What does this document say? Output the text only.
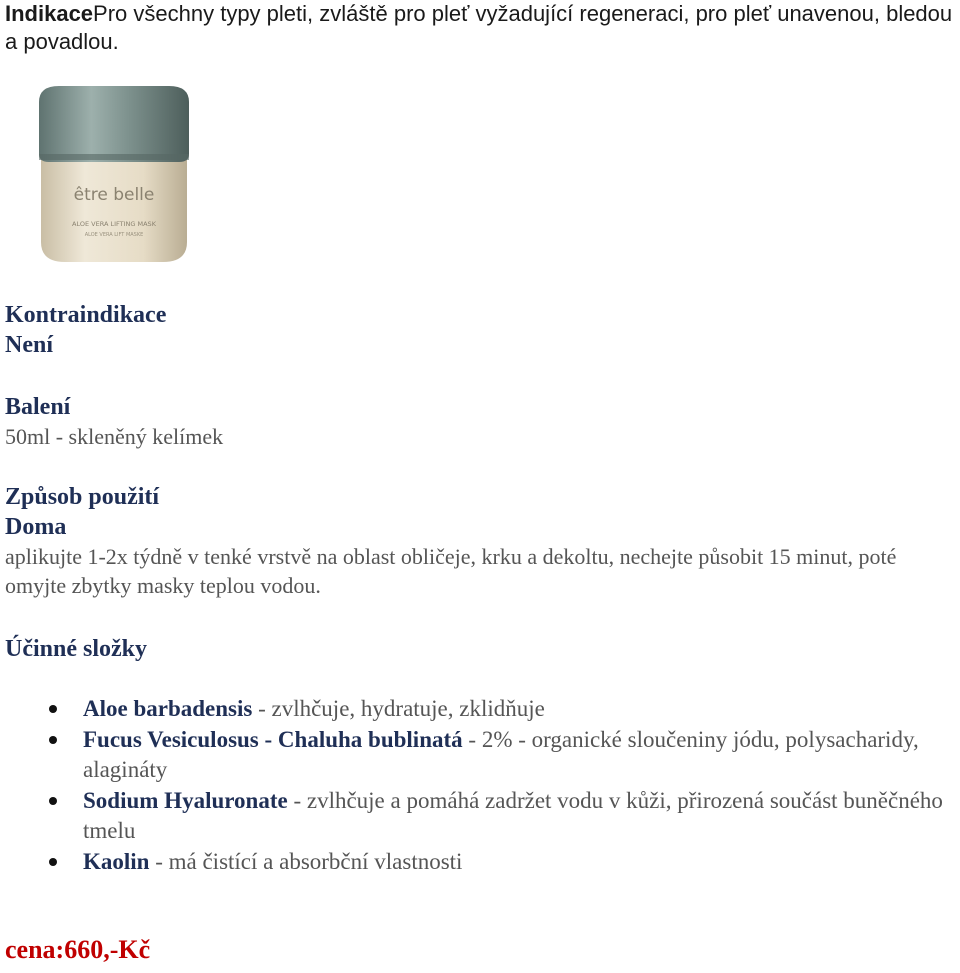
IndikacePro všechny typy pleti, zvláště pro pleť vyžadující regeneraci, pro pleť unavenou, bledou a povadlou.

être belle
ALOE VERA LIFTING MASK
ALOE VERA LIFT MASKE
Kontraindikace
Není
Balení
50ml - skleněný kelímek
Způsob použití
Doma
aplikujte 1-2x týdně v tenké vrstvě na oblast obličeje, krku a dekoltu, nechejte působit 15 minut, poté omyjte zbytky masky teplou vodou.
Účinné složky
Aloe barbadensis - zvlhčuje, hydratuje, zklidňuje
Fucus Vesiculosus - Chaluha bublinatá - 2% - organické sloučeniny jódu, polysacharidy, alagináty
Sodium Hyaluronate - zvlhčuje a pomáhá zadržet vodu v kůži, přirozená součást buněčného tmelu
Kaolin - má čistící a absorbční vlastnosti
cena:660,-Kč
